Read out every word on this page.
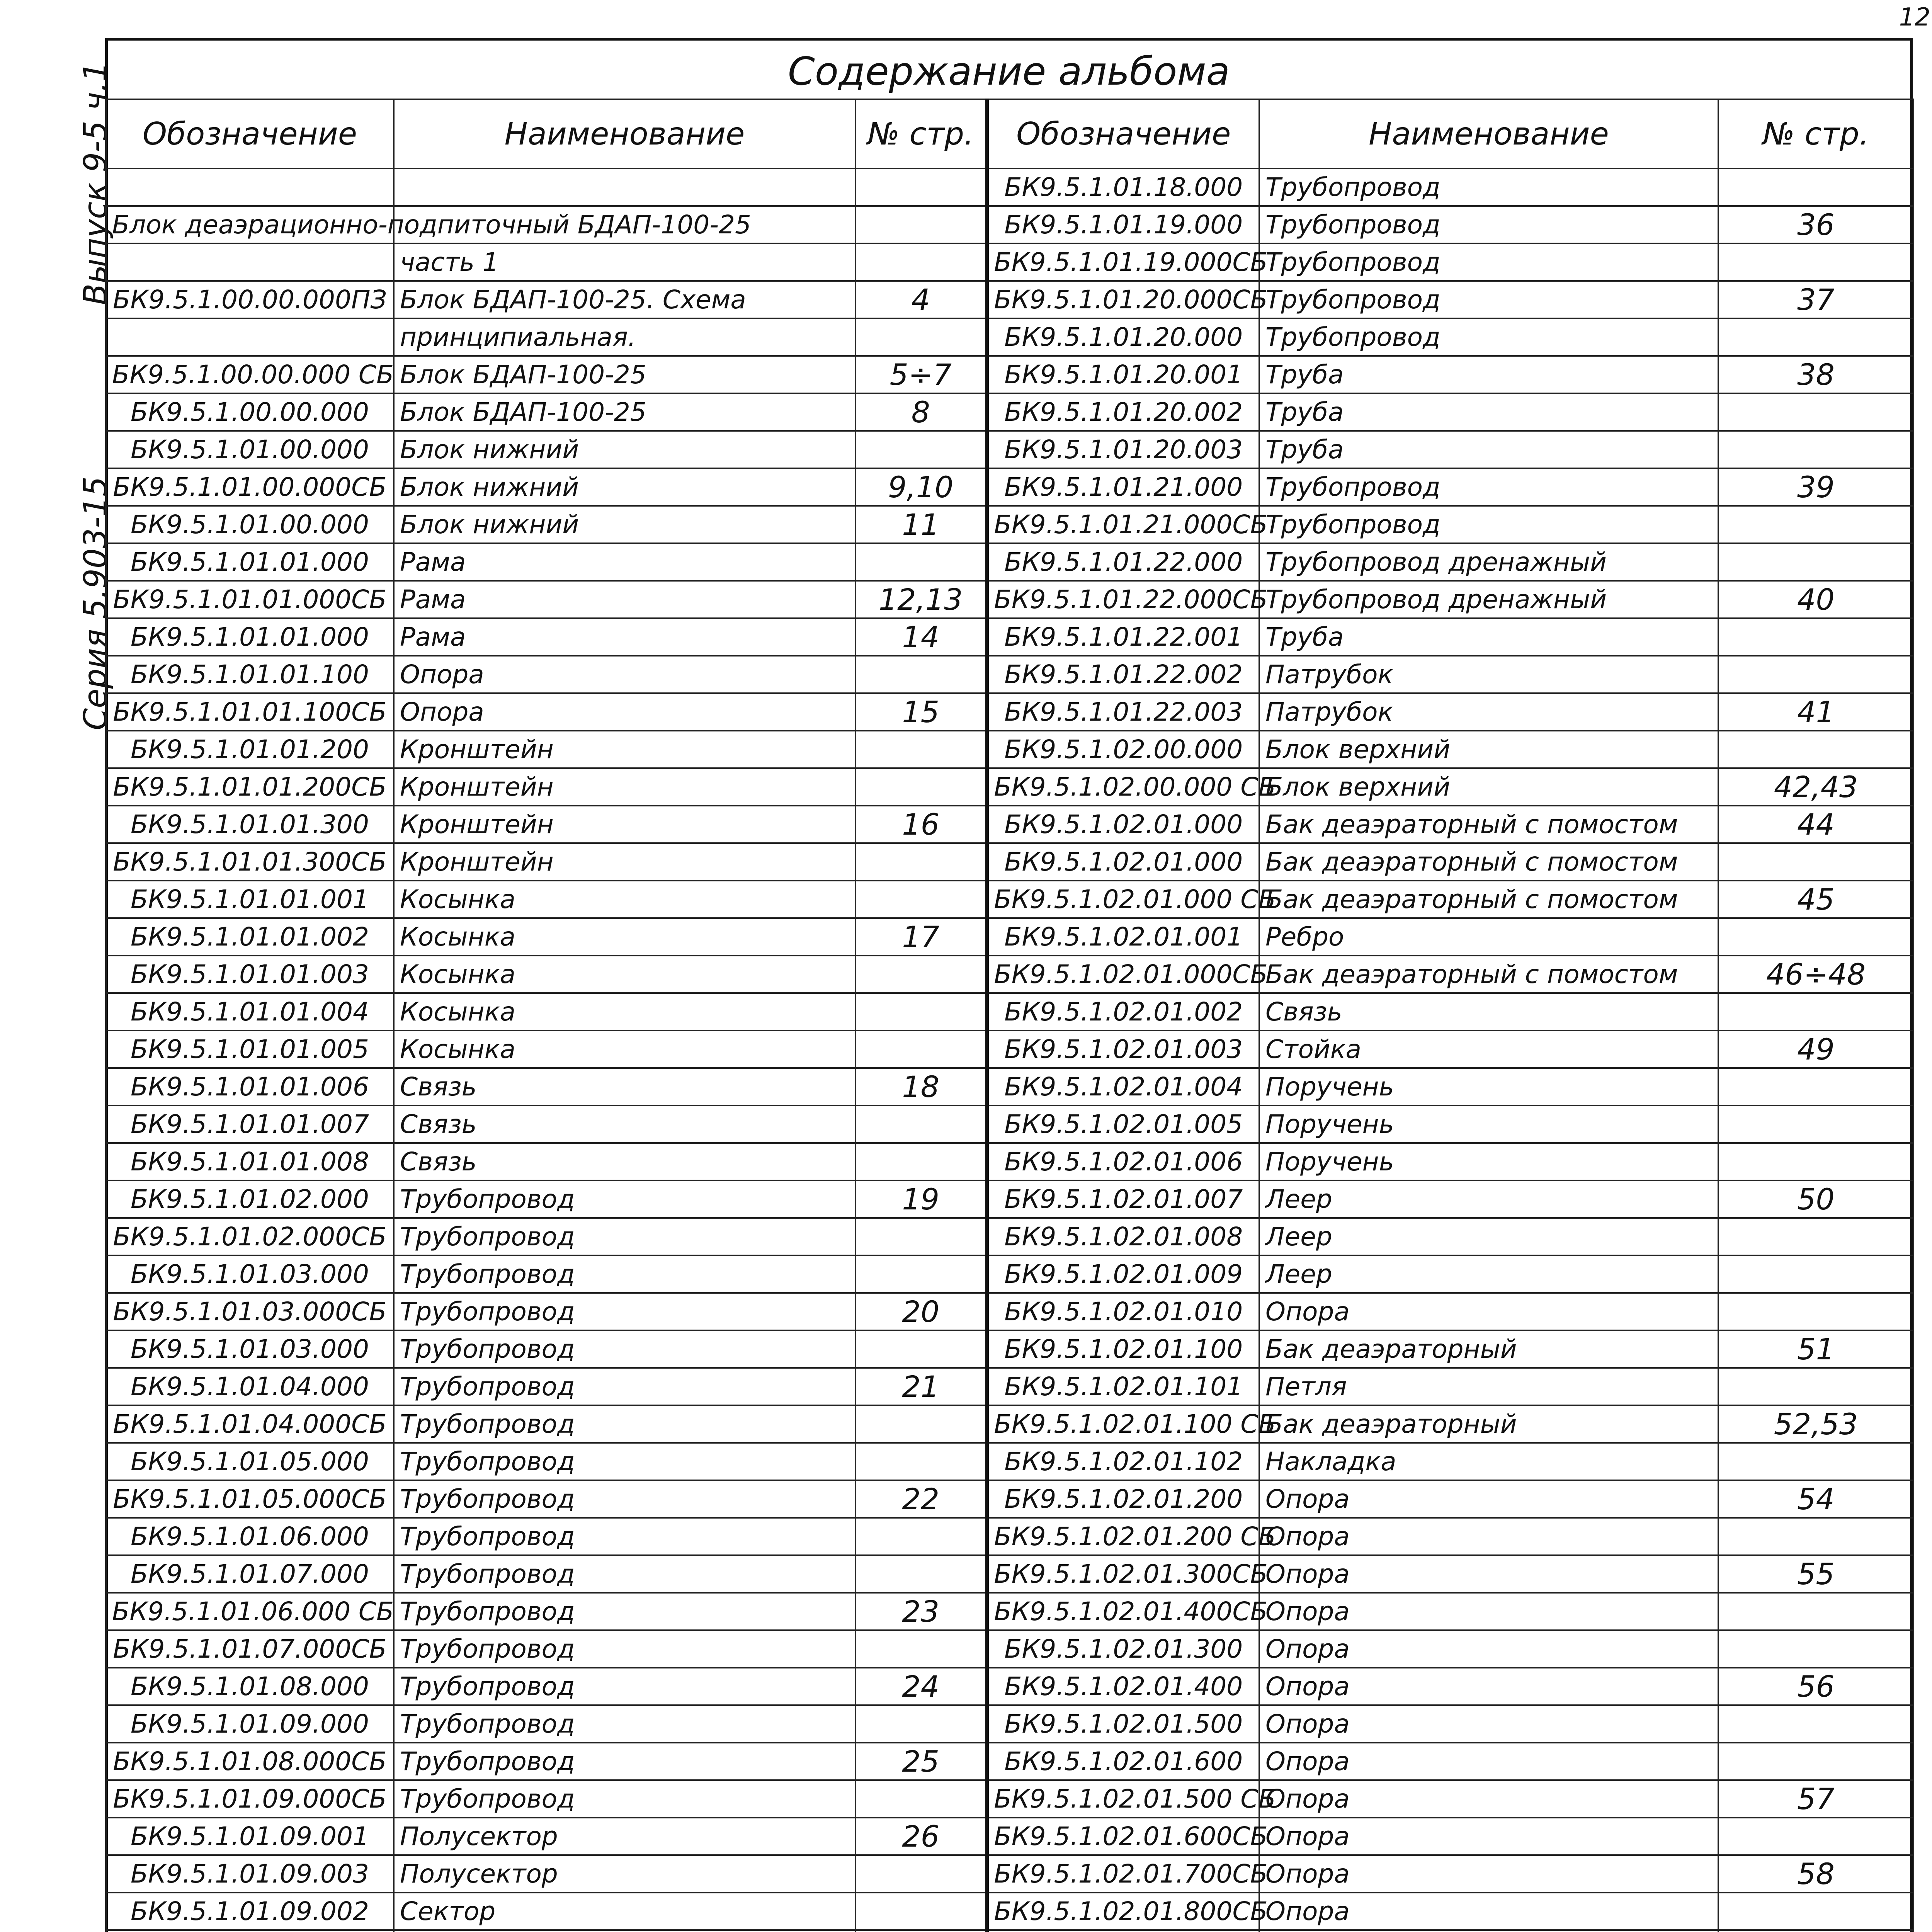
12
Выпуск 9-5 ч.1
Серия 5.903-15
Содержание альбома
Обозначение	Наименование	№ стр.	Обозначение	Наименование	№ стр.
			БК9.5.1.01.18.000	Трубопровод	
Блок деаэрационно-подпиточный БДАП-100-25			БК9.5.1.01.19.000	Трубопровод	36
	часть 1		БК9.5.1.01.19.000СБ	Трубопровод	
БК9.5.1.00.00.000ПЗ	Блок БДАП-100-25. Схема	4	БК9.5.1.01.20.000СБ	Трубопровод	37
	принципиальная.		БК9.5.1.01.20.000	Трубопровод	
БК9.5.1.00.00.000 СБ	Блок БДАП-100-25	5÷7	БК9.5.1.01.20.001	Труба	38
БК9.5.1.00.00.000	Блок БДАП-100-25	8	БК9.5.1.01.20.002	Труба	
БК9.5.1.01.00.000	Блок нижний		БК9.5.1.01.20.003	Труба	
БК9.5.1.01.00.000СБ	Блок нижний	9,10	БК9.5.1.01.21.000	Трубопровод	39
БК9.5.1.01.00.000	Блок нижний	11	БК9.5.1.01.21.000СБ	Трубопровод	
БК9.5.1.01.01.000	Рама		БК9.5.1.01.22.000	Трубопровод дренажный	
БК9.5.1.01.01.000СБ	Рама	12,13	БК9.5.1.01.22.000СБ	Трубопровод дренажный	40
БК9.5.1.01.01.000	Рама	14	БК9.5.1.01.22.001	Труба	
БК9.5.1.01.01.100	Опора		БК9.5.1.01.22.002	Патрубок	
БК9.5.1.01.01.100СБ	Опора	15	БК9.5.1.01.22.003	Патрубок	41
БК9.5.1.01.01.200	Кронштейн		БК9.5.1.02.00.000	Блок верхний	
БК9.5.1.01.01.200СБ	Кронштейн		БК9.5.1.02.00.000 СБ	Блок верхний	42,43
БК9.5.1.01.01.300	Кронштейн	16	БК9.5.1.02.01.000	Бак деаэраторный с помостом	44
БК9.5.1.01.01.300СБ	Кронштейн		БК9.5.1.02.01.000	Бак деаэраторный с помостом	
БК9.5.1.01.01.001	Косынка		БК9.5.1.02.01.000 СБ	Бак деаэраторный с помостом	45
БК9.5.1.01.01.002	Косынка	17	БК9.5.1.02.01.001	Ребро	
БК9.5.1.01.01.003	Косынка		БК9.5.1.02.01.000СБ	Бак деаэраторный с помостом	46÷48
БК9.5.1.01.01.004	Косынка		БК9.5.1.02.01.002	Связь	
БК9.5.1.01.01.005	Косынка		БК9.5.1.02.01.003	Стойка	49
БК9.5.1.01.01.006	Связь	18	БК9.5.1.02.01.004	Поручень	
БК9.5.1.01.01.007	Связь		БК9.5.1.02.01.005	Поручень	
БК9.5.1.01.01.008	Связь		БК9.5.1.02.01.006	Поручень	
БК9.5.1.01.02.000	Трубопровод	19	БК9.5.1.02.01.007	Леер	50
БК9.5.1.01.02.000СБ	Трубопровод		БК9.5.1.02.01.008	Леер	
БК9.5.1.01.03.000	Трубопровод		БК9.5.1.02.01.009	Леер	
БК9.5.1.01.03.000СБ	Трубопровод	20	БК9.5.1.02.01.010	Опора	
БК9.5.1.01.03.000	Трубопровод		БК9.5.1.02.01.100	Бак деаэраторный	51
БК9.5.1.01.04.000	Трубопровод	21	БК9.5.1.02.01.101	Петля	
БК9.5.1.01.04.000СБ	Трубопровод		БК9.5.1.02.01.100 СБ	Бак деаэраторный	52,53
БК9.5.1.01.05.000	Трубопровод		БК9.5.1.02.01.102	Накладка	
БК9.5.1.01.05.000СБ	Трубопровод	22	БК9.5.1.02.01.200	Опора	54
БК9.5.1.01.06.000	Трубопровод		БК9.5.1.02.01.200 СБ	Опора	
БК9.5.1.01.07.000	Трубопровод		БК9.5.1.02.01.300СБ	Опора	55
БК9.5.1.01.06.000 СБ	Трубопровод	23	БК9.5.1.02.01.400СБ	Опора	
БК9.5.1.01.07.000СБ	Трубопровод		БК9.5.1.02.01.300	Опора	
БК9.5.1.01.08.000	Трубопровод	24	БК9.5.1.02.01.400	Опора	56
БК9.5.1.01.09.000	Трубопровод		БК9.5.1.02.01.500	Опора	
БК9.5.1.01.08.000СБ	Трубопровод	25	БК9.5.1.02.01.600	Опора	
БК9.5.1.01.09.000СБ	Трубопровод		БК9.5.1.02.01.500 СБ	Опора	57
БК9.5.1.01.09.001	Полусектор	26	БК9.5.1.02.01.600СБ	Опора	
БК9.5.1.01.09.003	Полусектор		БК9.5.1.02.01.700СБ	Опора	58
БК9.5.1.01.09.002	Сектор		БК9.5.1.02.01.800СБ	Опора	
